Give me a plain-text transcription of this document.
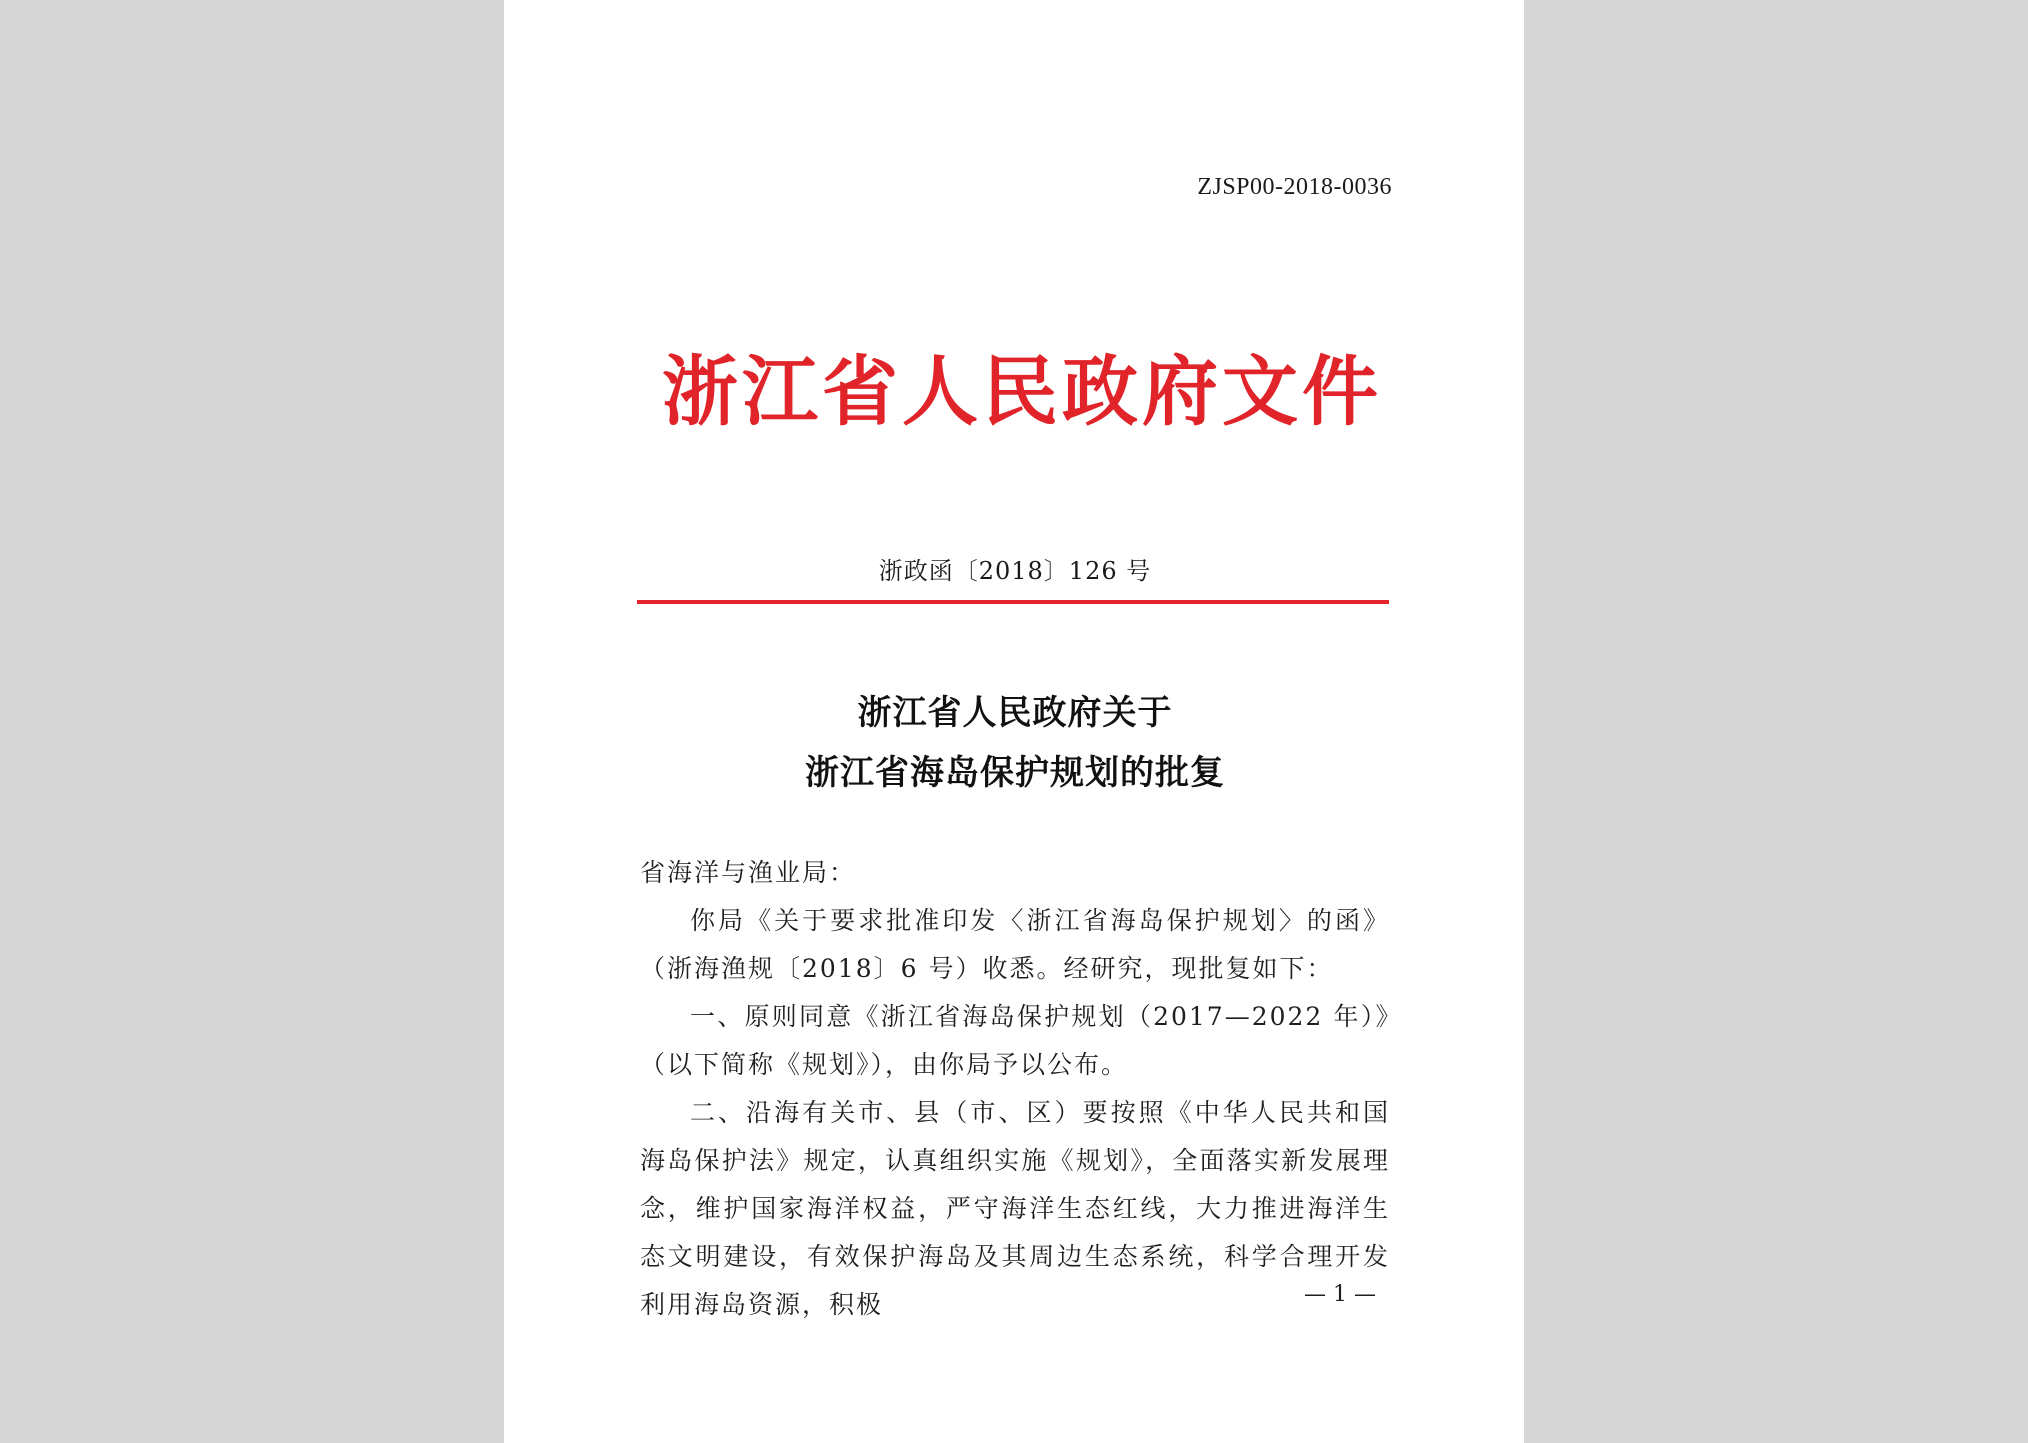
ZJSP00-2018-0036
浙江省人民政府文件
浙政函〔2018〕126 号
浙江省人民政府关于
浙江省海岛保护规划的批复

省海洋与渔业局：

你局《关于要求批准印发〈浙江省海岛保护规划〉的函》（浙海渔规〔2018〕6 号）收悉。经研究，现批复如下：

一、原则同意《浙江省海岛保护规划（2017—2022 年）》（以下简称《规划》），由你局予以公布。

二、沿海有关市、县（市、区）要按照《中华人民共和国海岛保护法》规定，认真组织实施《规划》，全面落实新发展理念，维护国家海洋权益，严守海洋生态红线，大力推进海洋生态文明建设，有效保护海岛及其周边生态系统，科学合理开发利用海岛资源，积极	— 1 —
